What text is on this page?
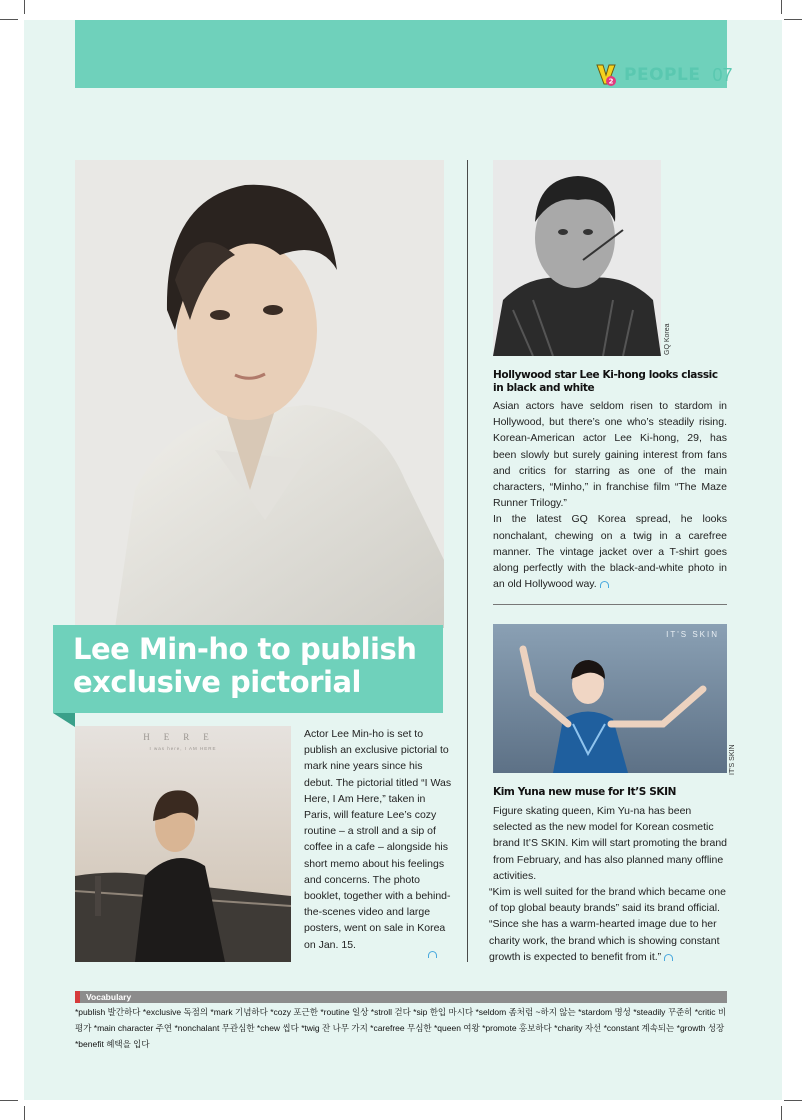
2 PEOPLE 07
Lee Min-ho to publish exclusive pictorial
HERE
I was here, I AM HERE
Actor Lee Min-ho is set to publish an exclusive pictorial to mark nine years since his debut. The pictorial titled “I Was Here, I Am Here,” taken in Paris, will feature Lee’s cozy routine – a stroll and a sip of coffee in a cafe – alongside his short memo about his feelings and concerns. The photo booklet, together with a behind-the-scenes video and large posters, went on sale in Korea on Jan. 15.
GQ Korea
Hollywood star Lee Ki-hong looks classic in black and white

Asian actors have seldom risen to stardom in Hollywood, but there’s one who’s steadily rising. Korean-American actor Lee Ki-hong, 29, has been slowly but surely gaining interest from fans and critics for starring as one of the main characters, “Minho,” in franchise film “The Maze Runner Trilogy.”

In the latest GQ Korea spread, he looks nonchalant, chewing on a twig in a carefree manner. The vintage jacket over a T-shirt goes along perfectly with the black-and-white photo in an old Hollywood way.

IT'S SKIN
IT'S SKIN
Kim Yuna new muse for It’S SKIN

Figure skating queen, Kim Yu-na has been selected as the new model for Korean cosmetic brand It’S SKIN. Kim will start promoting the brand from February, and has also planned many offline activities.

“Kim is well suited for the brand which became one of top global beauty brands” said its brand official.

“Since she has a warm-hearted image due to her charity work, the brand which is showing constant growth is expected to benefit from it.”

Vocabulary
*publish 발간하다 *exclusive 독점의 *mark 기념하다 *cozy 포근한 *routine 일상 *stroll 걷다 *sip 한입 마시다 *seldom 좀처럼 ~하지 않는 *stardom 명성 *steadily 꾸준히 *critic 비평가 *main character 주연 *nonchalant 무관심한 *chew 씹다 *twig 잔 나무 가지 *carefree 무심한 *queen 여왕 *promote 홍보하다 *charity 자선 *constant 계속되는 *growth 성장 *benefit 혜택을 입다
